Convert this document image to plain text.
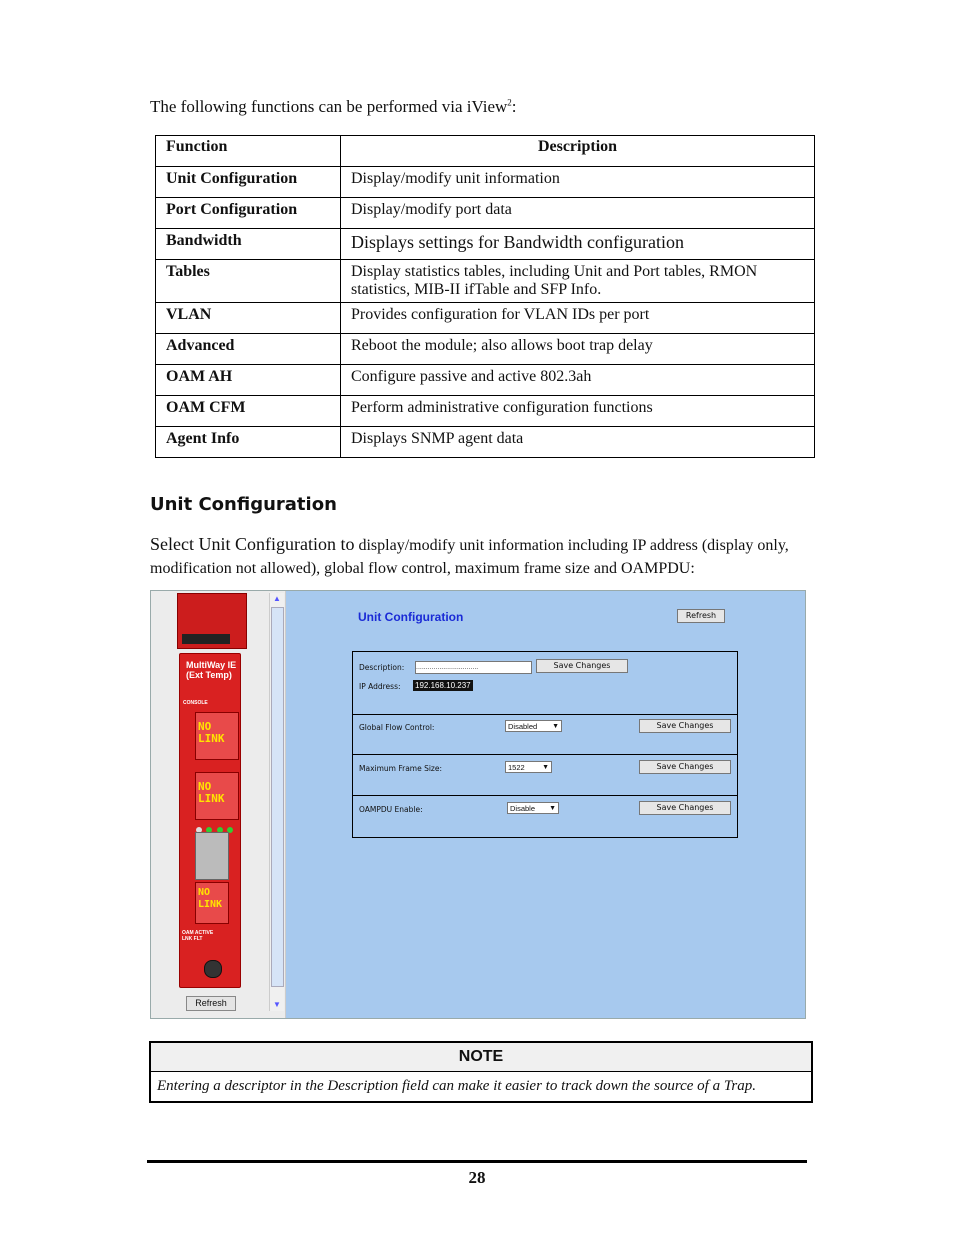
The following functions can be performed via iView$^2$:
Function	Description
Unit Configuration	Display/modify unit information
Port Configuration	Display/modify port data
Bandwidth	Displays settings for Bandwidth configuration
Tables	Display statistics tables, including Unit and Port tables, RMON statistics, MIB-II ifTable and SFP Info.
VLAN	Provides configuration for VLAN IDs per port
Advanced	Reboot the module; also allows boot trap delay
OAM AH	Configure passive and active 802.3ah
OAM CFM	Perform administrative configuration functions
Agent Info	Displays SNMP agent data
Unit Configuration
Select Unit Configuration to display/modify unit information including IP address (display only, modification not allowed), global flow control, maximum frame size and OAMPDU:
MultiWay IE (Ext Temp)
CONSOLE
NO LINK
NO LINK

NO LINK
OAM ACTIVE LNK FLT
Refresh
▲
▼
Unit Configuration	Refresh
Description: ................................	Save Changes
IP Address: 192.168.10.237
Global Flow Control:	Disabled ▼	Save Changes
Maximum Frame Size:	1522 ▼	Save Changes
OAMPDU Enable:	Disable ▼	Save Changes
NOTE
Entering a descriptor in the Description field can make it easier to track down the source of a Trap.
28
